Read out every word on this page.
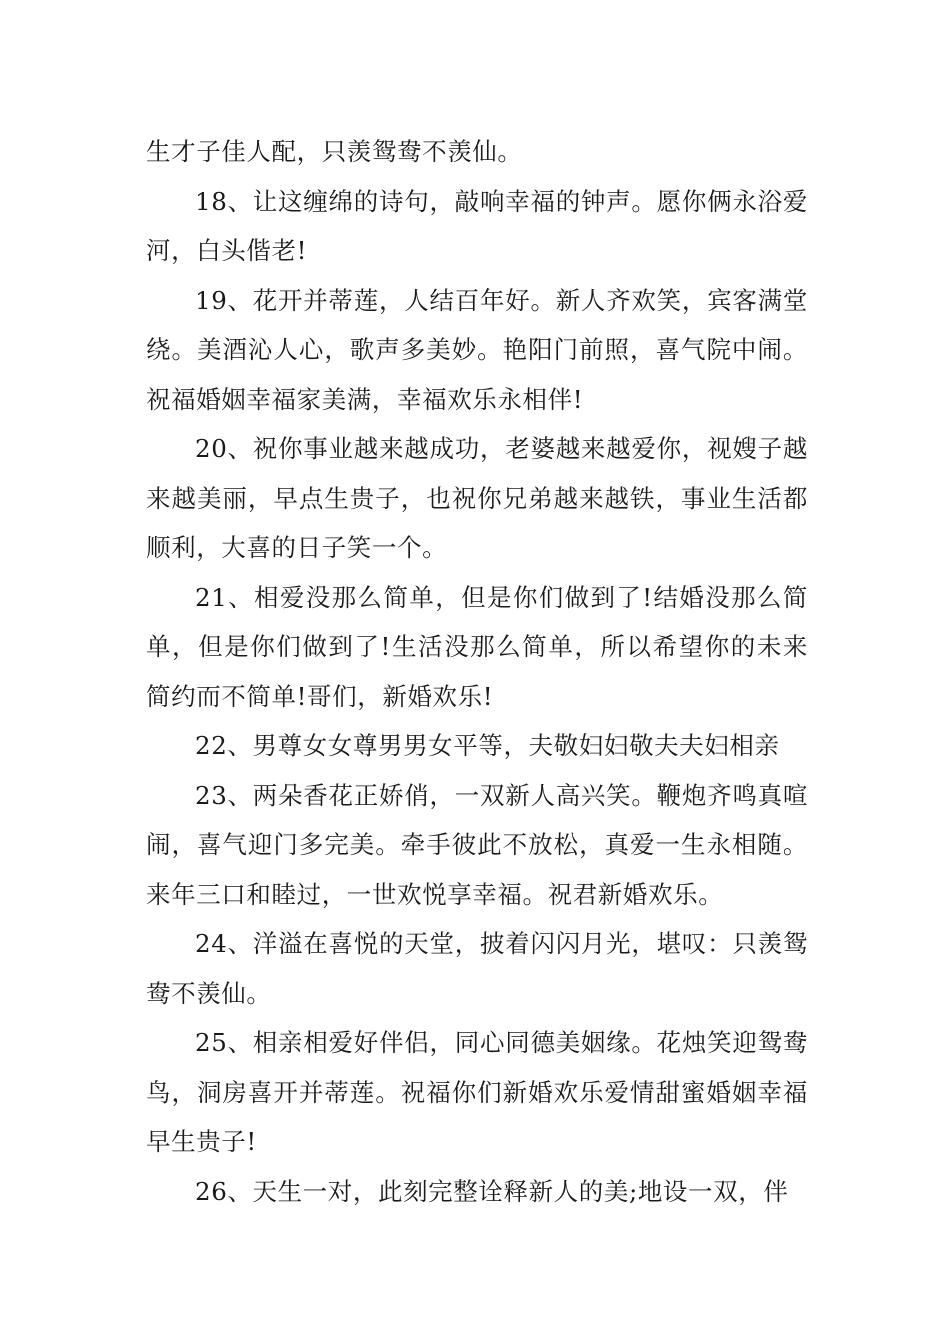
生才子佳人配，只羡鸳鸯不羡仙。

18、让这缠绵的诗句，敲响幸福的钟声。愿你俩永浴爱河，白头偕老!

19、花开并蒂莲，人结百年好。新人齐欢笑，宾客满堂绕。美酒沁人心，歌声多美妙。艳阳门前照，喜气院中闹。祝福婚姻幸福家美满，幸福欢乐永相伴!

20、祝你事业越来越成功，老婆越来越爱你，视嫂子越来越美丽，早点生贵子，也祝你兄弟越来越铁，事业生活都顺利，大喜的日子笑一个。

21、相爱没那么简单，但是你们做到了!结婚没那么简单，但是你们做到了!生活没那么简单，所以希望你的未来简约而不简单!哥们，新婚欢乐!

22、男尊女女尊男男女平等，夫敬妇妇敬夫夫妇相亲

23、两朵香花正娇俏，一双新人高兴笑。鞭炮齐鸣真喧闹，喜气迎门多完美。牵手彼此不放松，真爱一生永相随。来年三口和睦过，一世欢悦享幸福。祝君新婚欢乐。

24、洋溢在喜悦的天堂，披着闪闪月光，堪叹：只羡鸳鸯不羡仙。

25、相亲相爱好伴侣，同心同德美姻缘。花烛笑迎鸳鸯鸟，洞房喜开并蒂莲。祝福你们新婚欢乐爱情甜蜜婚姻幸福早生贵子!

26、天生一对，此刻完整诠释新人的美;地设一双，伴
